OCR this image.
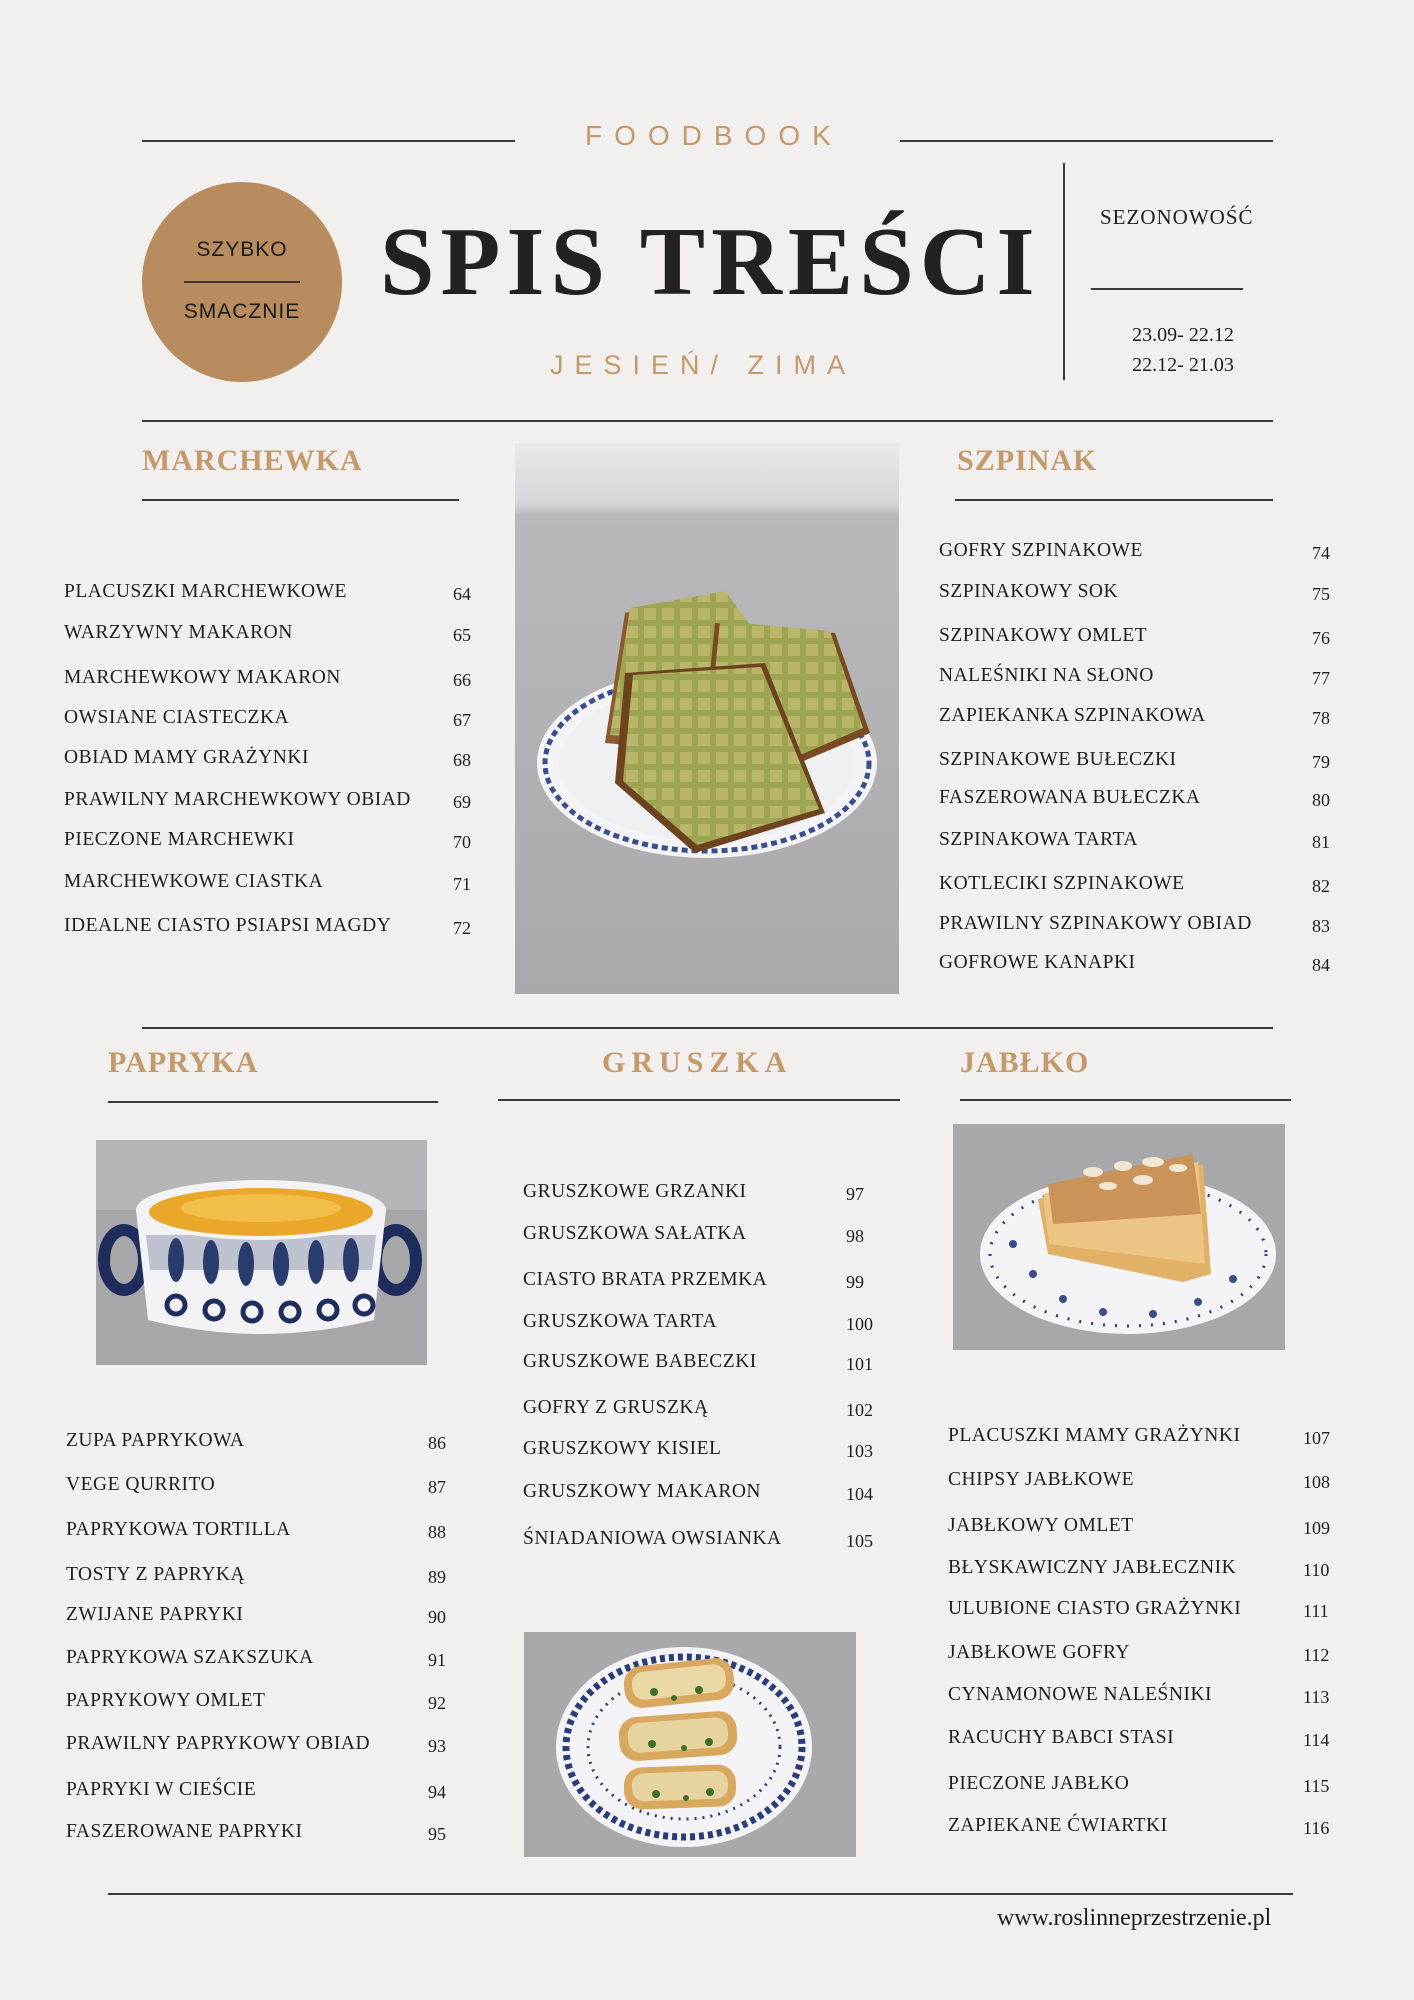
FOODBOOK
SZYBKO
SMACZNIE SPIS TREŚCI
JESIEŃ/ ZIMA
SEZONOWOŚĆ
23.09- 22.12
22.12- 21.03
MARCHEWKA
PLACUSZKI MARCHEWKOWE	64
WARZYWNY MAKARON	65
MARCHEWKOWY MAKARON	66
OWSIANE CIASTECZKA	67
OBIAD MAMY GRAŻYNKI	68
PRAWILNY MARCHEWKOWY OBIAD 69
PIECZONE MARCHEWKI	70
MARCHEWKOWE CIASTKA	71
IDEALNE CIASTO PSIAPSI MAGDY	72
SZPINAK
GOFRY SZPINAKOWE	74
SZPINAKOWY SOK	75
SZPINAKOWY OMLET	76
NALEŚNIKI NA SŁONO	77
ZAPIEKANKA SZPINAKOWA	78
SZPINAKOWE BUŁECZKI	79
FASZEROWANA BUŁECZKA	80
SZPINAKOWA TARTA	81
KOTLECIKI SZPINAKOWE	82
PRAWILNY SZPINAKOWY OBIAD	83
GOFROWE KANAPKI	84
PAPRYKA
ZUPA PAPRYKOWA	86
VEGE QURRITO	87
PAPRYKOWA TORTILLA	88
TOSTY Z PAPRYKĄ	89
ZWIJANE PAPRYKI	90
PAPRYKOWA SZAKSZUKA	91
PAPRYKOWY OMLET	92
PRAWILNY PAPRYKOWY OBIAD	93
PAPRYKI W CIEŚCIE	94
FASZEROWANE PAPRYKI	95
GRUSZKA
GRUSZKOWE GRZANKI	97
GRUSZKOWA SAŁATKA	98
CIASTO BRATA PRZEMKA	99
GRUSZKOWA TARTA	100
GRUSZKOWE BABECZKI	101
GOFRY Z GRUSZKĄ	102
GRUSZKOWY KISIEL	103
GRUSZKOWY MAKARON	104
ŚNIADANIOWA OWSIANKA	105
JABŁKO
PLACUSZKI MAMY GRAŻYNKI	107
CHIPSY JABŁKOWE	108
JABŁKOWY OMLET	109
BŁYSKAWICZNY JABŁECZNIK	110
ULUBIONE CIASTO GRAŻYNKI	111
JABŁKOWE GOFRY	112
CYNAMONOWE NALEŚNIKI	113
RACUCHY BABCI STASI	114
PIECZONE JABŁKO	115
ZAPIEKANE ĆWIARTKI	116
www.roslinneprzestrzenie.pl
